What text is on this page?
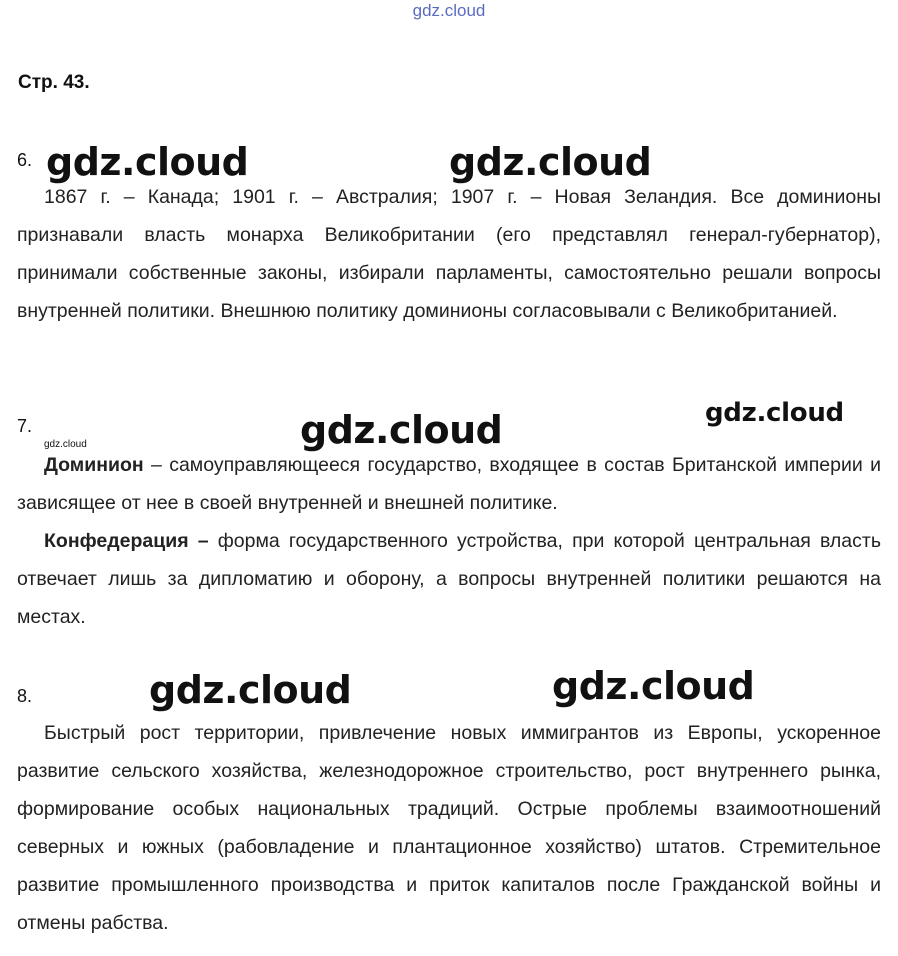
gdz.cloud
Стр. 43.
6. gdz.cloud	gdz.cloud

1867 г. – Канада; 1901 г. – Австралия; 1907 г. – Новая Зеландия. Все доминионы признавали власть монарха Великобритании (его представлял генерал-губернатор), принимали собственные законы, избирали парламенты, самостоятельно решали вопросы внутренней политики. Внешнюю политику доминионы согласовывали с Великобританией.

7.
gdz.cloud	gdz.cloud	gdz.cloud

Доминион – самоуправляющееся государство, входящее в состав Британской империи и зависящее от нее в своей внутренней и внешней политике.

Конфедерация – форма государственного устройства, при которой центральная власть отвечает лишь за дипломатию и оборону, а вопросы внутренней политики решаются на местах.

8.	gdz.cloud	gdz.cloud

Быстрый рост территории, привлечение новых иммигрантов из Европы, ускоренное развитие сельского хозяйства, железнодорожное строительство, рост внутреннего рынка, формирование особых национальных традиций. Острые проблемы взаимоотношений северных и южных (рабовладение и плантационное хозяйство) штатов. Стремительное развитие промышленного производства и приток капиталов после Гражданской войны и отмены рабства.
